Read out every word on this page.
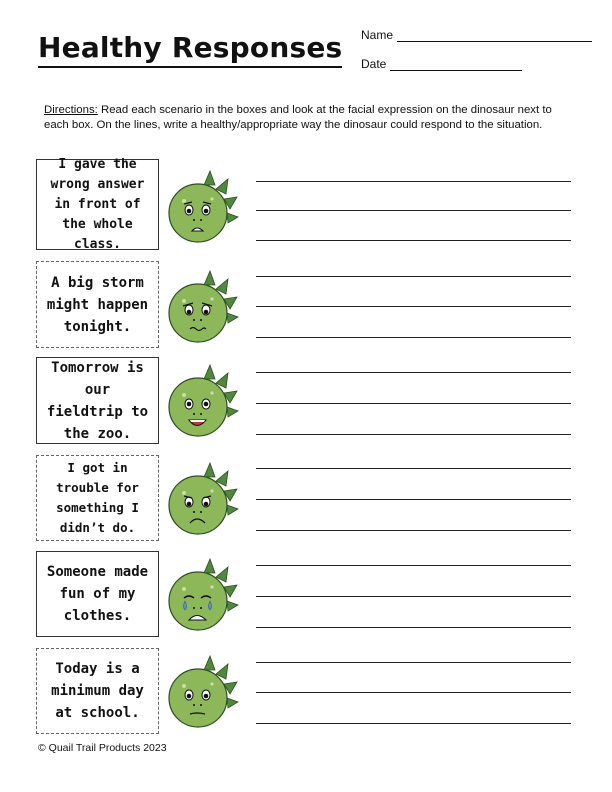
Healthy Responses Name
Date
Directions: Read each scenario in the boxes and look at the facial expression on the dinosaur next to each box. On the lines, write a healthy/appropriate way the dinosaur could respond to the situation.
I gave the wrong answer in front of the whole class.
A big storm might happen tonight.
Tomorrow is our fieldtrip to the zoo.
I got in trouble for something I didn’t do.
Someone made fun of my clothes.
Today is a minimum day at school.
© Quail Trail Products 2023
